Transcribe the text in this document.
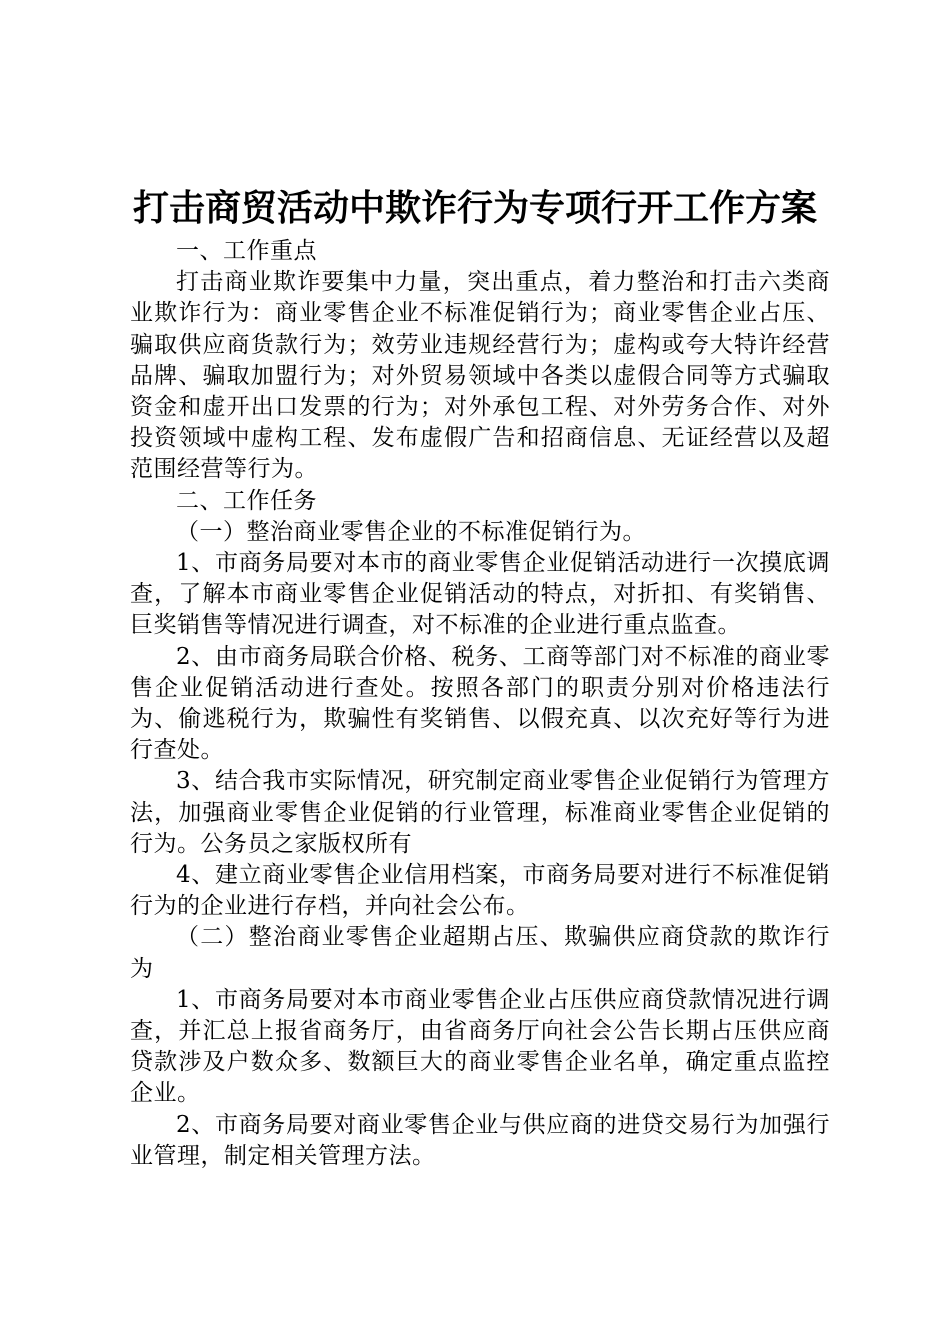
打击商贸活动中欺诈行为专项行开工作方案

一、工作重点

打击商业欺诈要集中力量，突出重点，着力整治和打击六类商业欺诈行为：商业零售企业不标准促销行为；商业零售企业占压、骗取供应商货款行为；效劳业违规经营行为；虚构或夸大特许经营品牌、骗取加盟行为；对外贸易领域中各类以虚假合同等方式骗取资金和虚开出口发票的行为；对外承包工程、对外劳务合作、对外投资领域中虚构工程、发布虚假广告和招商信息、无证经营以及超范围经营等行为。

二、工作任务

（一）整治商业零售企业的不标准促销行为。

1、市商务局要对本市的商业零售企业促销活动进行一次摸底调查，了解本市商业零售企业促销活动的特点，对折扣、有奖销售、巨奖销售等情况进行调查，对不标准的企业进行重点监查。

2、由市商务局联合价格、税务、工商等部门对不标准的商业零售企业促销活动进行查处。按照各部门的职责分别对价格违法行为、偷逃税行为，欺骗性有奖销售、以假充真、以次充好等行为进行查处。

3、结合我市实际情况，研究制定商业零售企业促销行为管理方法，加强商业零售企业促销的行业管理，标准商业零售企业促销的行为。公务员之家版权所有

4、建立商业零售企业信用档案，市商务局要对进行不标准促销行为的企业进行存档，并向社会公布。

（二）整治商业零售企业超期占压、欺骗供应商贷款的欺诈行为

1、市商务局要对本市商业零售企业占压供应商贷款情况进行调查，并汇总上报省商务厅，由省商务厅向社会公告长期占压供应商贷款涉及户数众多、数额巨大的商业零售企业名单，确定重点监控企业。

2、市商务局要对商业零售企业与供应商的进贷交易行为加强行业管理，制定相关管理方法。
